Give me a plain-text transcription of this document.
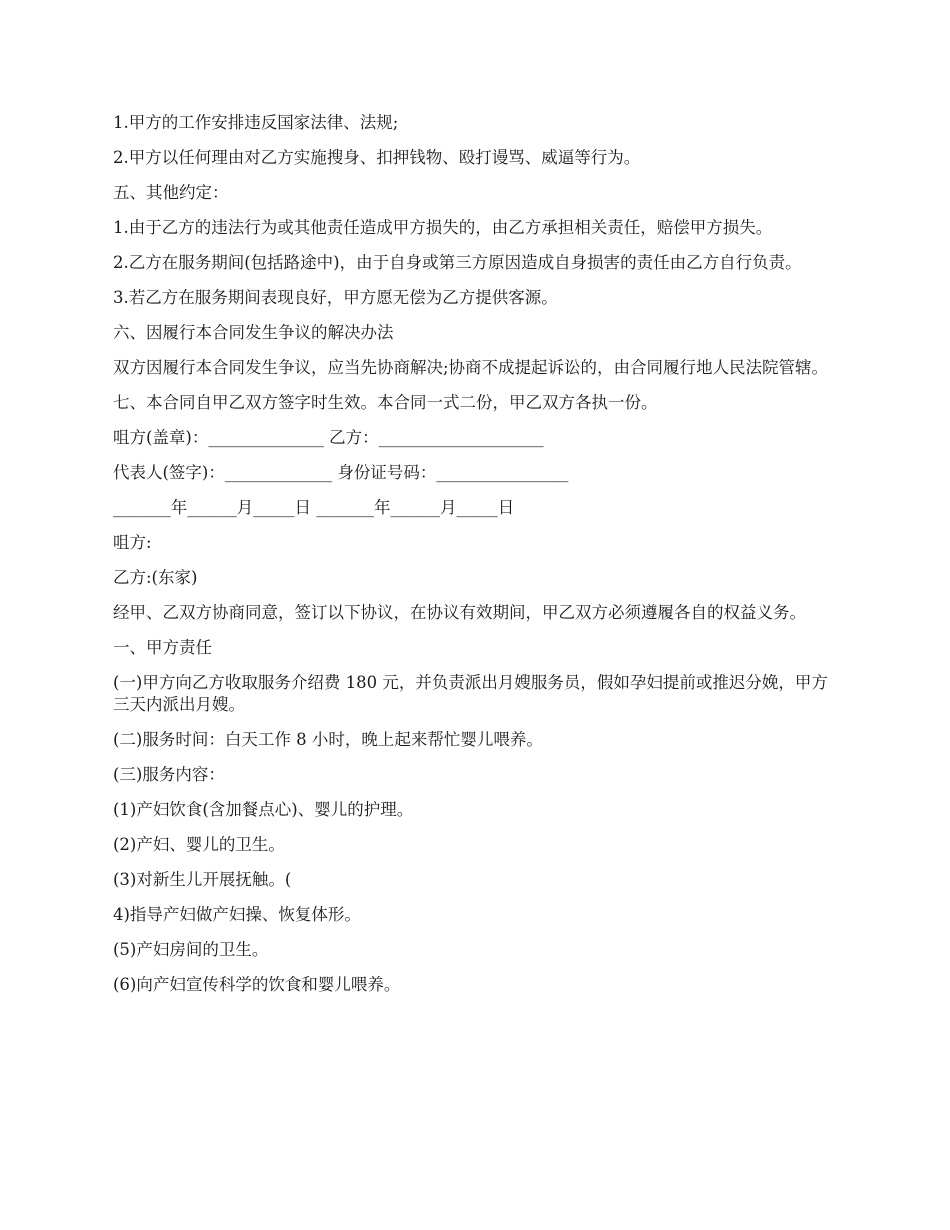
1.甲方的工作安排违反国家法律、法规;

2.甲方以任何理由对乙方实施搜身、扣押钱物、殴打谩骂、威逼等行为。

五、其他约定：

1.由于乙方的违法行为或其他责任造成甲方损失的，由乙方承担相关责任，赔偿甲方损失。

2.乙方在服务期间(包括路途中)，由于自身或第三方原因造成自身损害的责任由乙方自行负责。

3.若乙方在服务期间表现良好，甲方愿无偿为乙方提供客源。

六、因履行本合同发生争议的解决办法

双方因履行本合同发生争议，应当先协商解决;协商不成提起诉讼的，由合同履行地人民法院管辖。

七、本合同自甲乙双方签字时生效。本合同一式二份，甲乙双方各执一份。

咀方(盖章)：______________ 乙方：____________________

代表人(签字)：_____________ 身份证号码：________________

_______年______月_____日 _______年______月_____日

咀方:

乙方:(东家)

经甲、乙双方协商同意，签订以下协议，在协议有效期间，甲乙双方必须遵履各自的权益义务。

一、甲方责任

(一)甲方向乙方收取服务介绍费 180 元，并负责派出月嫂服务员，假如孕妇提前或推迟分娩，甲方三天内派出月嫂。

(二)服务时间：白天工作 8 小时，晚上起来帮忙婴儿喂养。

(三)服务内容：

(1)产妇饮食(含加餐点心)、婴儿的护理。

(2)产妇、婴儿的卫生。

(3)对新生儿开展抚触。(

4)指导产妇做产妇操、恢复体形。

(5)产妇房间的卫生。

(6)向产妇宣传科学的饮食和婴儿喂养。
